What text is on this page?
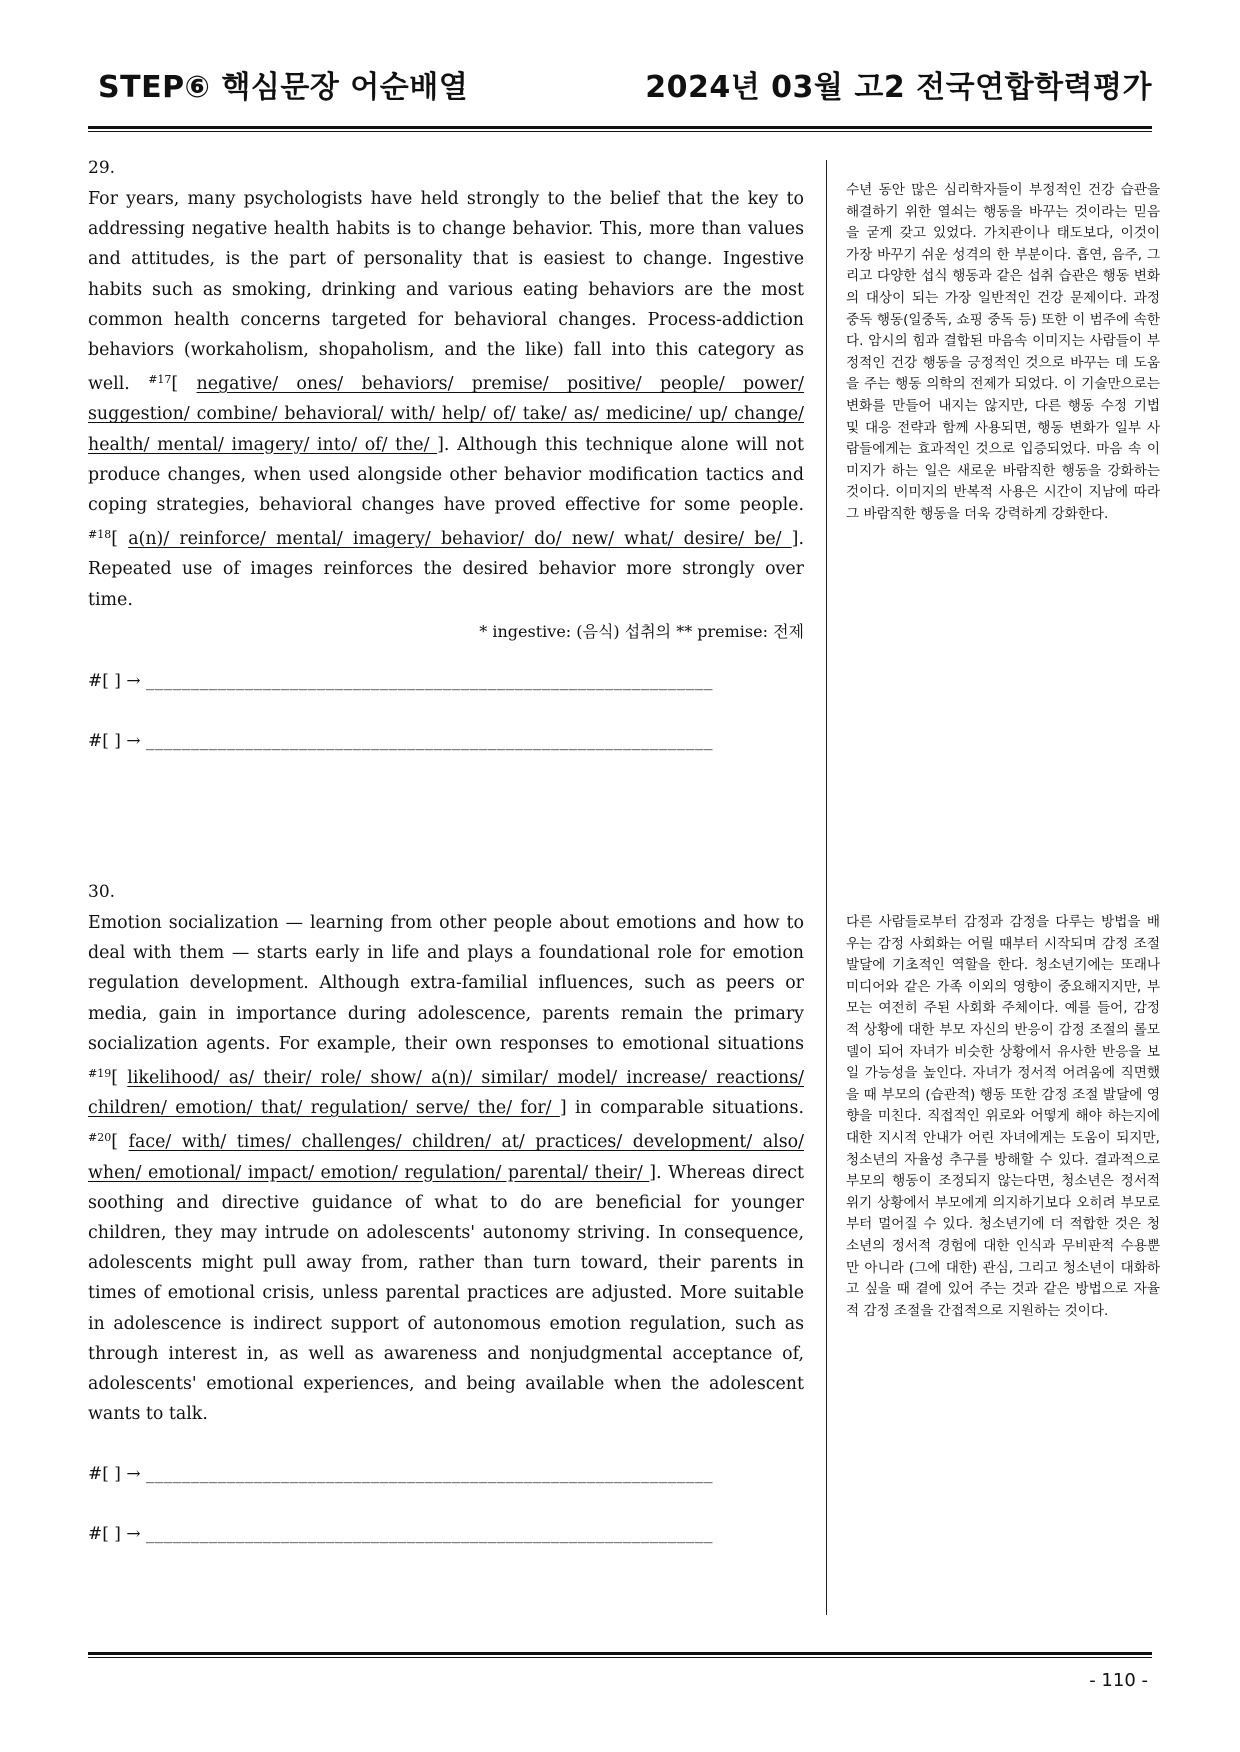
STEP⑥ 핵심문장 어순배열	2024년 03월 고2 전국연합학력평가
29.

For years, many psychologists have held strongly to the belief that the key to addressing negative health habits is to change behavior. This, more than values and attitudes, is the part of personality that is easiest to change. Ingestive habits such as smoking, drinking and various eating behaviors are the most common health concerns targeted for behavioral changes. Process-addiction behaviors (workaholism, shopaholism, and the like) fall into this category as well. $^{\#17}$[ negative/ ones/ behaviors/ premise/ positive/ people/ power/ suggestion/ combine/ behavioral/ with/ help/ of/ take/ as/ medicine/ up/ change/ health/ mental/ imagery/ into/ of/ the/ ]. Although this technique alone will not produce changes, when used alongside other behavior modification tactics and coping strategies, behavioral changes have proved effective for some people. $^{\#18}$[ a(n)/ reinforce/ mental/ imagery/ behavior/ do/ new/ what/ desire/ be/ ]. Repeated use of images reinforces the desired behavior more strongly over time.

* ingestive: (음식) 섭취의 ** premise: 전제
#[ ] → _______________________________________________________________
#[ ] → _______________________________________________________________

수년 동안 많은 심리학자들이 부정적인 건강 습관을 해결하기 위한 열쇠는 행동을 바꾸는 것이라는 믿음을 굳게 갖고 있었다. 가치관이나 태도보다, 이것이 가장 바꾸기 쉬운 성격의 한 부분이다. 흡연, 음주, 그리고 다양한 섭식 행동과 같은 섭취 습관은 행동 변화의 대상이 되는 가장 일반적인 건강 문제이다. 과정 중독 행동(일중독, 쇼핑 중독 등) 또한 이 범주에 속한다. 암시의 힘과 결합된 마음속 이미지는 사람들이 부정적인 건강 행동을 긍정적인 것으로 바꾸는 데 도움을 주는 행동 의학의 전제가 되었다. 이 기술만으로는 변화를 만들어 내지는 않지만, 다른 행동 수정 기법 및 대응 전략과 함께 사용되면, 행동 변화가 일부 사람들에게는 효과적인 것으로 입증되었다. 마음 속 이미지가 하는 일은 새로운 바람직한 행동을 강화하는 것이다. 이미지의 반복적 사용은 시간이 지남에 따라 그 바람직한 행동을 더욱 강력하게 강화한다.

30.

Emotion socialization — learning from other people about emotions and how to deal with them — starts early in life and plays a foundational role for emotion regulation development. Although extra-familial influences, such as peers or media, gain in importance during adolescence, parents remain the primary socialization agents. For example, their own responses to emotional situations $^{\#19}$[ likelihood/ as/ their/ role/ show/ a(n)/ similar/ model/ increase/ reactions/ children/ emotion/ that/ regulation/ serve/ the/ for/ ] in comparable situations. $^{\#20}$[ face/ with/ times/ challenges/ children/ at/ practices/ development/ also/ when/ emotional/ impact/ emotion/ regulation/ parental/ their/ ]. Whereas direct soothing and directive guidance of what to do are beneficial for younger children, they may intrude on adolescents' autonomy striving. In consequence, adolescents might pull away from, rather than turn toward, their parents in times of emotional crisis, unless parental practices are adjusted. More suitable in adolescence is indirect support of autonomous emotion regulation, such as through interest in, as well as awareness and nonjudgmental acceptance of, adolescents' emotional experiences, and being available when the adolescent wants to talk.

#[ ] → _______________________________________________________________
#[ ] → _______________________________________________________________

다른 사람들로부터 감정과 감정을 다루는 방법을 배우는 감정 사회화는 어릴 때부터 시작되며 감정 조절 발달에 기초적인 역할을 한다. 청소년기에는 또래나 미디어와 같은 가족 이외의 영향이 중요해지지만, 부모는 여전히 주된 사회화 주체이다. 예를 들어, 감정적 상황에 대한 부모 자신의 반응이 감정 조절의 롤모델이 되어 자녀가 비슷한 상황에서 유사한 반응을 보일 가능성을 높인다. 자녀가 정서적 어려움에 직면했을 때 부모의 (습관적) 행동 또한 감정 조절 발달에 영향을 미친다. 직접적인 위로와 어떻게 해야 하는지에 대한 지시적 안내가 어린 자녀에게는 도움이 되지만, 청소년의 자율성 추구를 방해할 수 있다. 결과적으로 부모의 행동이 조정되지 않는다면, 청소년은 정서적 위기 상황에서 부모에게 의지하기보다 오히려 부모로부터 멀어질 수 있다. 청소년기에 더 적합한 것은 청소년의 정서적 경험에 대한 인식과 무비판적 수용뿐만 아니라 (그에 대한) 관심, 그리고 청소년이 대화하고 싶을 때 곁에 있어 주는 것과 같은 방법으로 자율적 감정 조절을 간접적으로 지원하는 것이다.

- 110 -
